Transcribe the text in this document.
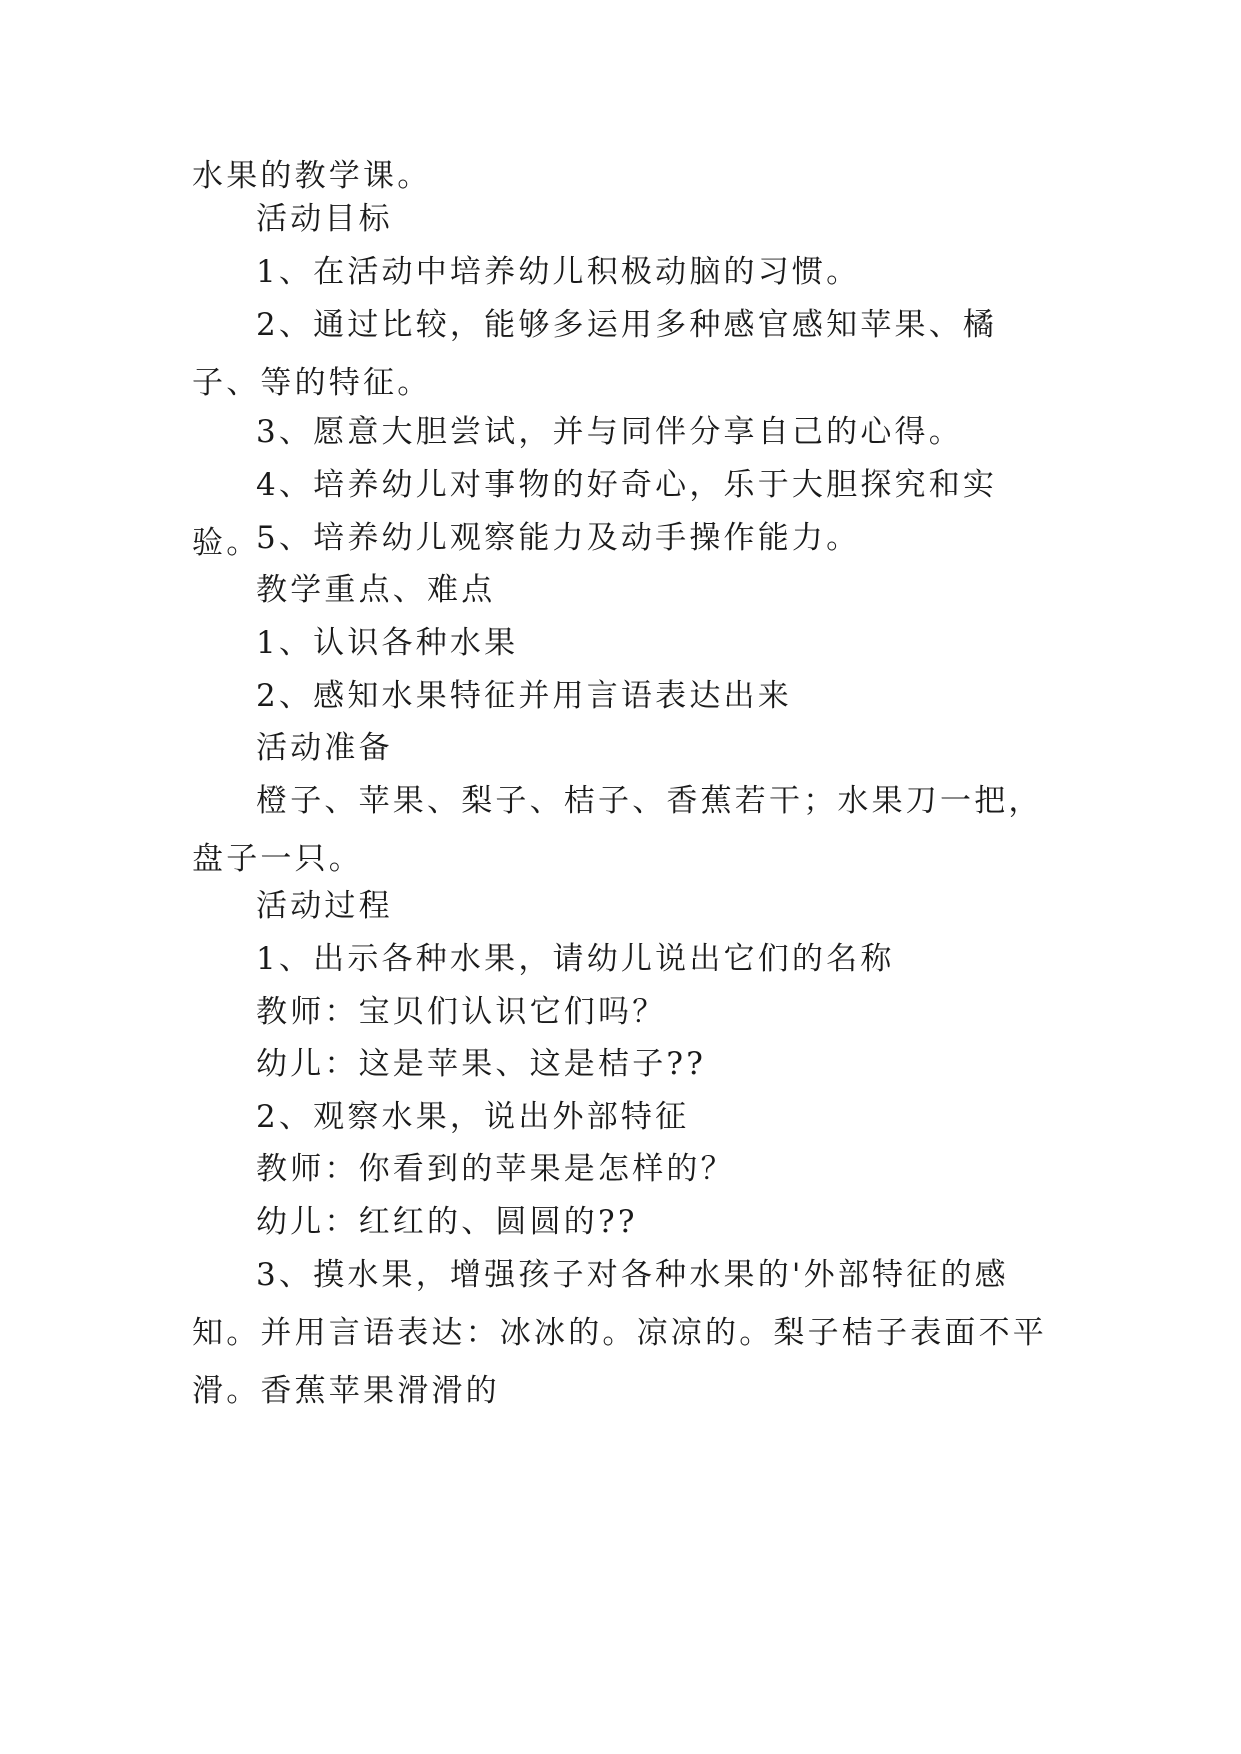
水果的教学课。

活动目标

1、在活动中培养幼儿积极动脑的习惯。

2、通过比较，能够多运用多种感官感知苹果、橘子、等的特征。

3、愿意大胆尝试，并与同伴分享自己的心得。

4、培养幼儿对事物的好奇心，乐于大胆探究和实验。

5、培养幼儿观察能力及动手操作能力。

教学重点、难点

1、认识各种水果

2、感知水果特征并用言语表达出来

活动准备

橙子、苹果、梨子、桔子、香蕉若干；水果刀一把，盘子一只。

活动过程

1、出示各种水果，请幼儿说出它们的名称

教师：宝贝们认识它们吗？

幼儿：这是苹果、这是桔子??

2、观察水果，说出外部特征

教师：你看到的苹果是怎样的？

幼儿：红红的、圆圆的??

3、摸水果，增强孩子对各种水果的'外部特征的感知。并用言语表达：冰冰的。凉凉的。梨子桔子表面不平滑。香蕉苹果滑滑的
